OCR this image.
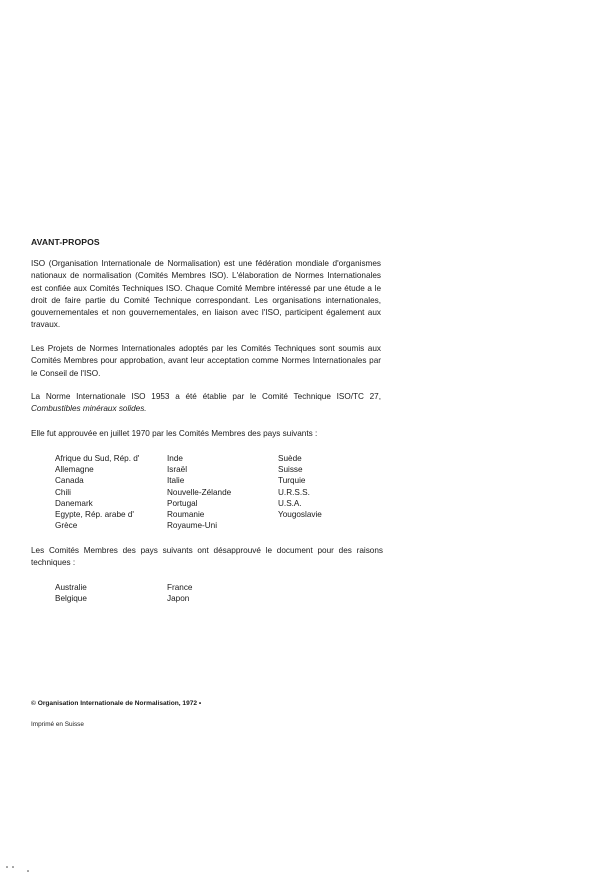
AVANT-PROPOS

ISO (Organisation Internationale de Normalisation) est une fédération mondiale d'organismes nationaux de normalisation (Comités Membres ISO). L'élaboration de Normes Internationales est confiée aux Comités Techniques ISO. Chaque Comité Membre intéressé par une étude a le droit de faire partie du Comité Technique correspondant. Les organisations internationales, gouvernementales et non gouvernementales, en liaison avec l'ISO, participent également aux travaux.

Les Projets de Normes Internationales adoptés par les Comités Techniques sont soumis aux Comités Membres pour approbation, avant leur acceptation comme Normes Internationales par le Conseil de l'ISO.

La Norme Internationale ISO 1953 a été établie par le Comité Technique ISO/TC 27, Combustibles minéraux solides.

Elle fut approuvée en juillet 1970 par les Comités Membres des pays suivants :

Afrique du Sud, Rép. d'
Allemagne
Canada
Chili
Danemark
Egypte, Rép. arabe d'
Grèce
Inde
Israël
Italie
Nouvelle-Zélande
Portugal
Roumanie
Royaume-Uni
Suède
Suisse
Turquie
U.R.S.S.
U.S.A.
Yougoslavie

Les Comités Membres des pays suivants ont désapprouvé le document pour des raisons techniques :

Australie
Belgique
France
Japon

© Organisation Internationale de Normalisation, 1972 •

Imprimé en Suisse
